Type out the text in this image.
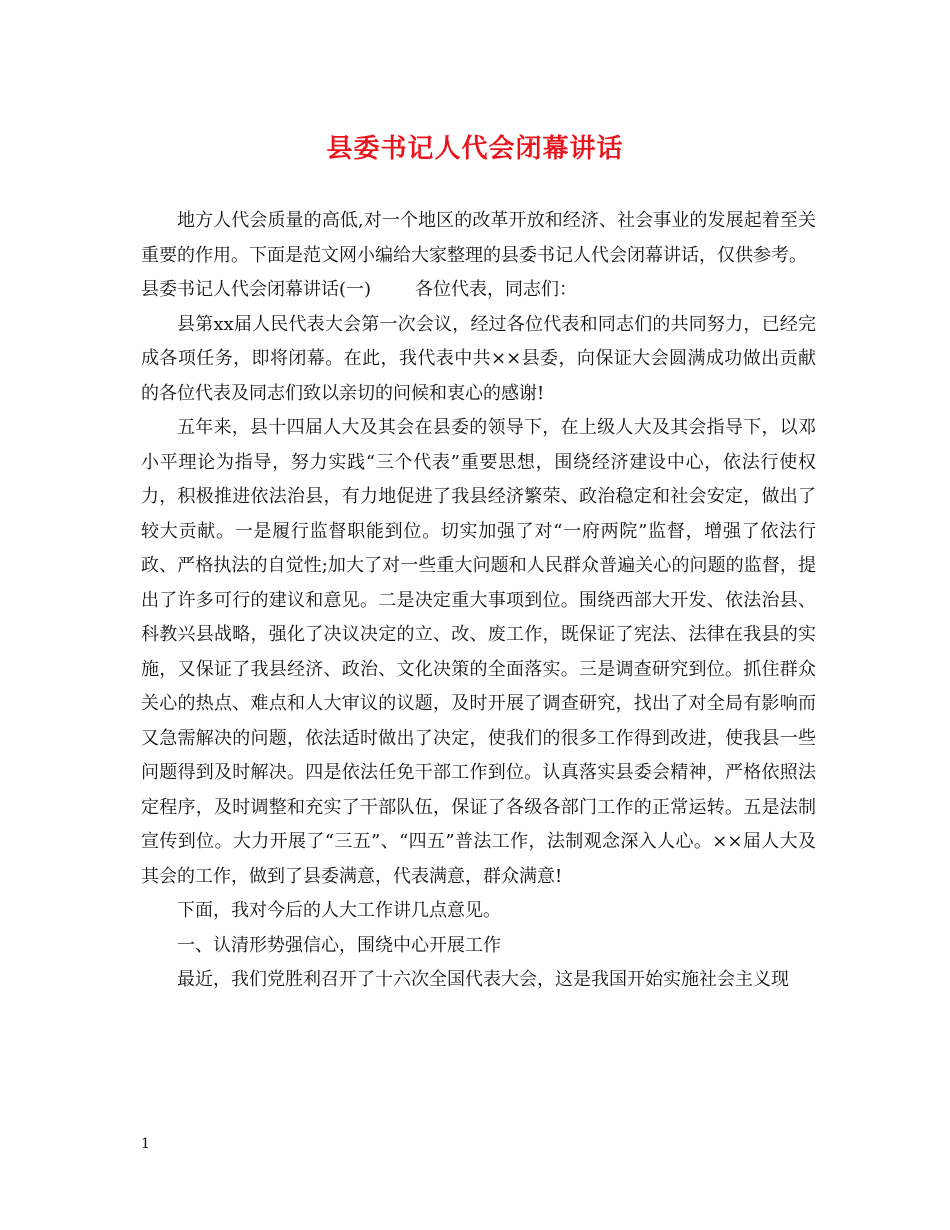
县委书记人代会闭幕讲话

地方人代会质量的高低,对一个地区的改革开放和经济、社会事业的发展起着至关重要的作用。下面是范文网小编给大家整理的县委书记人代会闭幕讲话，仅供参考。

县委书记人代会闭幕讲话(一) 各位代表，同志们：

县第xx届人民代表大会第一次会议，经过各位代表和同志们的共同努力，已经完成各项任务，即将闭幕。在此，我代表中共××县委，向保证大会圆满成功做出贡献的各位代表及同志们致以亲切的问候和衷心的感谢!

五年来，县十四届人大及其会在县委的领导下，在上级人大及其会指导下，以邓小平理论为指导，努力实践“三个代表”重要思想，围绕经济建设中心，依法行使权力，积极推进依法治县，有力地促进了我县经济繁荣、政治稳定和社会安定，做出了较大贡献。一是履行监督职能到位。切实加强了对“一府两院”监督，增强了依法行政、严格执法的自觉性;加大了对一些重大问题和人民群众普遍关心的问题的监督，提出了许多可行的建议和意见。二是决定重大事项到位。围绕西部大开发、依法治县、科教兴县战略，强化了决议决定的立、改、废工作，既保证了宪法、法律在我县的实施，又保证了我县经济、政治、文化决策的全面落实。三是调查研究到位。抓住群众关心的热点、难点和人大审议的议题，及时开展了调查研究，找出了对全局有影响而又急需解决的问题，依法适时做出了决定，使我们的很多工作得到改进，使我县一些问题得到及时解决。四是依法任免干部工作到位。认真落实县委会精神，严格依照法定程序，及时调整和充实了干部队伍，保证了各级各部门工作的正常运转。五是法制宣传到位。大力开展了“三五”、“四五”普法工作，法制观念深入人心。××届人大及其会的工作，做到了县委满意，代表满意，群众满意!

下面，我对今后的人大工作讲几点意见。

一、认清形势强信心，围绕中心开展工作

最近，我们党胜利召开了十六次全国代表大会，这是我国开始实施社会主义现

1
